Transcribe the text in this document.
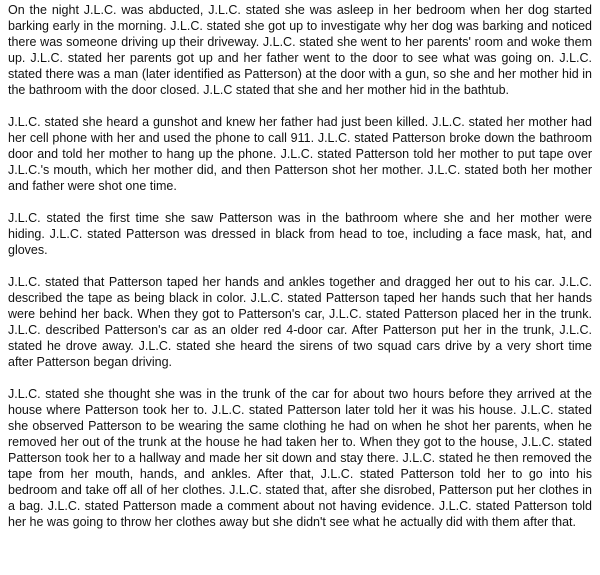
On the night J.L.C. was abducted, J.L.C. stated she was asleep in her bedroom when her dog started barking early in the morning. J.L.C. stated she got up to investigate why her dog was barking and noticed there was someone driving up their driveway. J.L.C. stated she went to her parents' room and woke them up. J.L.C. stated her parents got up and her father went to the door to see what was going on. J.L.C. stated there was a man (later identified as Patterson) at the door with a gun, so she and her mother hid in the bathroom with the door closed. J.L.C stated that she and her mother hid in the bathtub.

J.L.C. stated she heard a gunshot and knew her father had just been killed. J.L.C. stated her mother had her cell phone with her and used the phone to call 911. J.L.C. stated Patterson broke down the bathroom door and told her mother to hang up the phone. J.L.C. stated Patterson told her mother to put tape over J.L.C.'s mouth, which her mother did, and then Patterson shot her mother. J.L.C. stated both her mother and father were shot one time.

J.L.C. stated the first time she saw Patterson was in the bathroom where she and her mother were hiding. J.L.C. stated Patterson was dressed in black from head to toe, including a face mask, hat, and gloves.

J.L.C. stated that Patterson taped her hands and ankles together and dragged her out to his car. J.L.C. described the tape as being black in color. J.L.C. stated Patterson taped her hands such that her hands were behind her back. When they got to Patterson's car, J.L.C. stated Patterson placed her in the trunk. J.L.C. described Patterson's car as an older red 4-door car. After Patterson put her in the trunk, J.L.C. stated he drove away. J.L.C. stated she heard the sirens of two squad cars drive by a very short time after Patterson began driving.

J.L.C. stated she thought she was in the trunk of the car for about two hours before they arrived at the house where Patterson took her to. J.L.C. stated Patterson later told her it was his house. J.L.C. stated she observed Patterson to be wearing the same clothing he had on when he shot her parents, when he removed her out of the trunk at the house he had taken her to. When they got to the house, J.L.C. stated Patterson took her to a hallway and made her sit down and stay there. J.L.C. stated he then removed the tape from her mouth, hands, and ankles. After that, J.L.C. stated Patterson told her to go into his bedroom and take off all of her clothes. J.L.C. stated that, after she disrobed, Patterson put her clothes in a bag. J.L.C. stated Patterson made a comment about not having evidence. J.L.C. stated Patterson told her he was going to throw her clothes away but she didn't see what he actually did with them after that.
